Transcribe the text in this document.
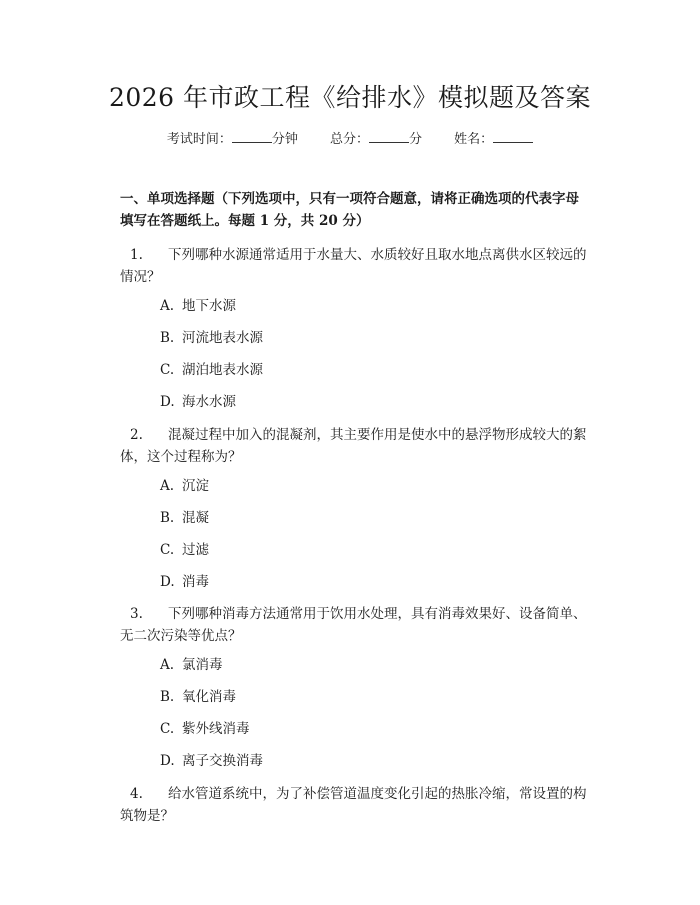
2026 年市政工程《给排水》模拟题及答案
考试时间：	分钟 总分：	分 姓名：
一、单项选择题（下列选项中，只有一项符合题意，请将正确选项的代表字母填写在答题纸上。每题 1 分，共 20 分）
1. 下列哪种水源通常适用于水量大、水质较好且取水地点离供水区较远的情况？
A. 地下水源
B. 河流地表水源
C. 湖泊地表水源
D. 海水水源
2. 混凝过程中加入的混凝剂，其主要作用是使水中的悬浮物形成较大的絮体，这个过程称为？
A. 沉淀
B. 混凝
C. 过滤
D. 消毒
3. 下列哪种消毒方法通常用于饮用水处理，具有消毒效果好、设备简单、无二次污染等优点？
A. 氯消毒
B. 氧化消毒
C. 紫外线消毒
D. 离子交换消毒
4. 给水管道系统中，为了补偿管道温度变化引起的热胀冷缩，常设置的构筑物是？
